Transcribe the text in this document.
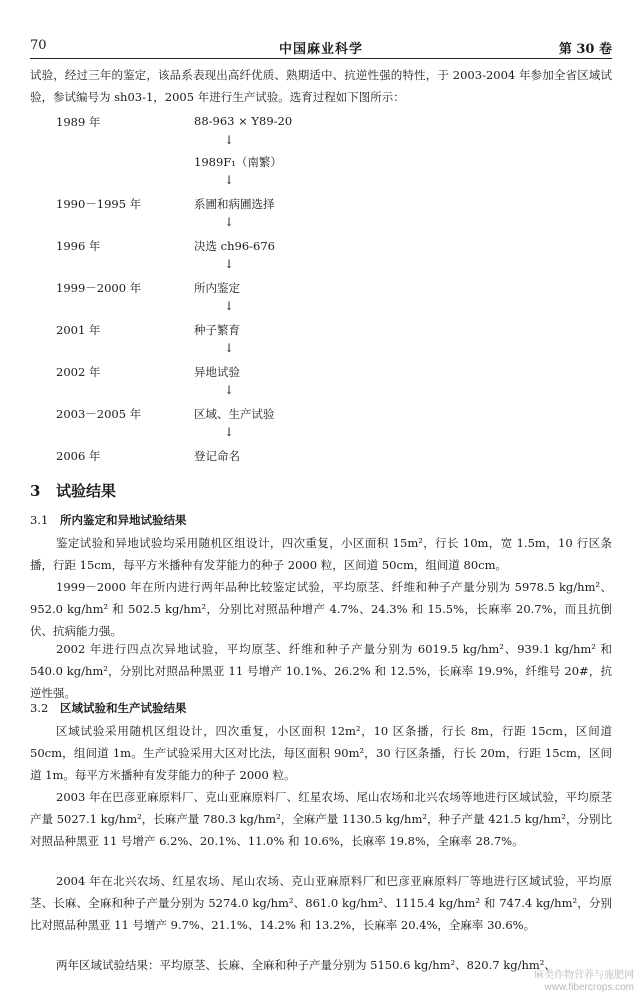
70	中国麻业科学	第 30 卷
试验，经过三年的鉴定，该品系表现出高纤优质、熟期适中、抗逆性强的特性，于 2003-2004 年参加全省区域试验，参试编号为 sh03-1，2005 年进行生产试验。选育过程如下图所示：
1989 年	88-963 × Y89-20
↓
1989F₁（南繁）
↓
1990－1995 年	系圃和病圃选择
↓
1996 年	决选 ch96-676
↓
1999－2000 年	所内鉴定
↓
2001 年	种子繁育
↓
2002 年	异地试验
↓
2003－2005 年	区域、生产试验
↓
2006 年	登记命名
3 试验结果
3.1 所内鉴定和异地试验结果
鉴定试验和异地试验均采用随机区组设计，四次重复，小区面积 15m²，行长 10m，宽 1.5m，10 行区条播，行距 15cm，每平方米播种有发芽能力的种子 2000 粒，区间道 50cm，组间道 80cm。
1999－2000 年在所内进行两年品种比较鉴定试验，平均原茎、纤维和种子产量分别为 5978.5 kg/hm²、952.0 kg/hm² 和 502.5 kg/hm²，分别比对照品种增产 4.7%、24.3% 和 15.5%，长麻率 20.7%，而且抗倒伏、抗病能力强。
2002 年进行四点次异地试验，平均原茎、纤维和种子产量分别为 6019.5 kg/hm²、939.1 kg/hm² 和 540.0 kg/hm²，分别比对照品种黑亚 11 号增产 10.1%、26.2% 和 12.5%，长麻率 19.9%，纤维号 20#，抗逆性强。
3.2 区域试验和生产试验结果
区域试验采用随机区组设计，四次重复，小区面积 12m²，10 区条播，行长 8m，行距 15cm，区间道 50cm，组间道 1m。生产试验采用大区对比法，每区面积 90m²，30 行区条播，行长 20m，行距 15cm，区间道 1m。每平方米播种有发芽能力的种子 2000 粒。
2003 年在巴彦亚麻原料厂、克山亚麻原料厂、红星农场、尾山农场和北兴农场等地进行区域试验，平均原茎产量 5027.1 kg/hm²，长麻产量 780.3 kg/hm²，全麻产量 1130.5 kg/hm²，种子产量 421.5 kg/hm²，分别比对照品种黑亚 11 号增产 6.2%、20.1%、11.0% 和 10.6%，长麻率 19.8%，全麻率 28.7%。
2004 年在北兴农场、红星农场、尾山农场、克山亚麻原料厂和巴彦亚麻原料厂等地进行区域试验，平均原茎、长麻、全麻和种子产量分别为 5274.0 kg/hm²、861.0 kg/hm²、1115.4 kg/hm² 和 747.4 kg/hm²，分别比对照品种黑亚 11 号增产 9.7%、21.1%、14.2% 和 13.2%，长麻率 20.4%，全麻率 30.6%。
两年区域试验结果：平均原茎、长麻、全麻和种子产量分别为 5150.6 kg/hm²、820.7 kg/hm²、
麻类作物营养与施肥网
www.fibercrops.com
